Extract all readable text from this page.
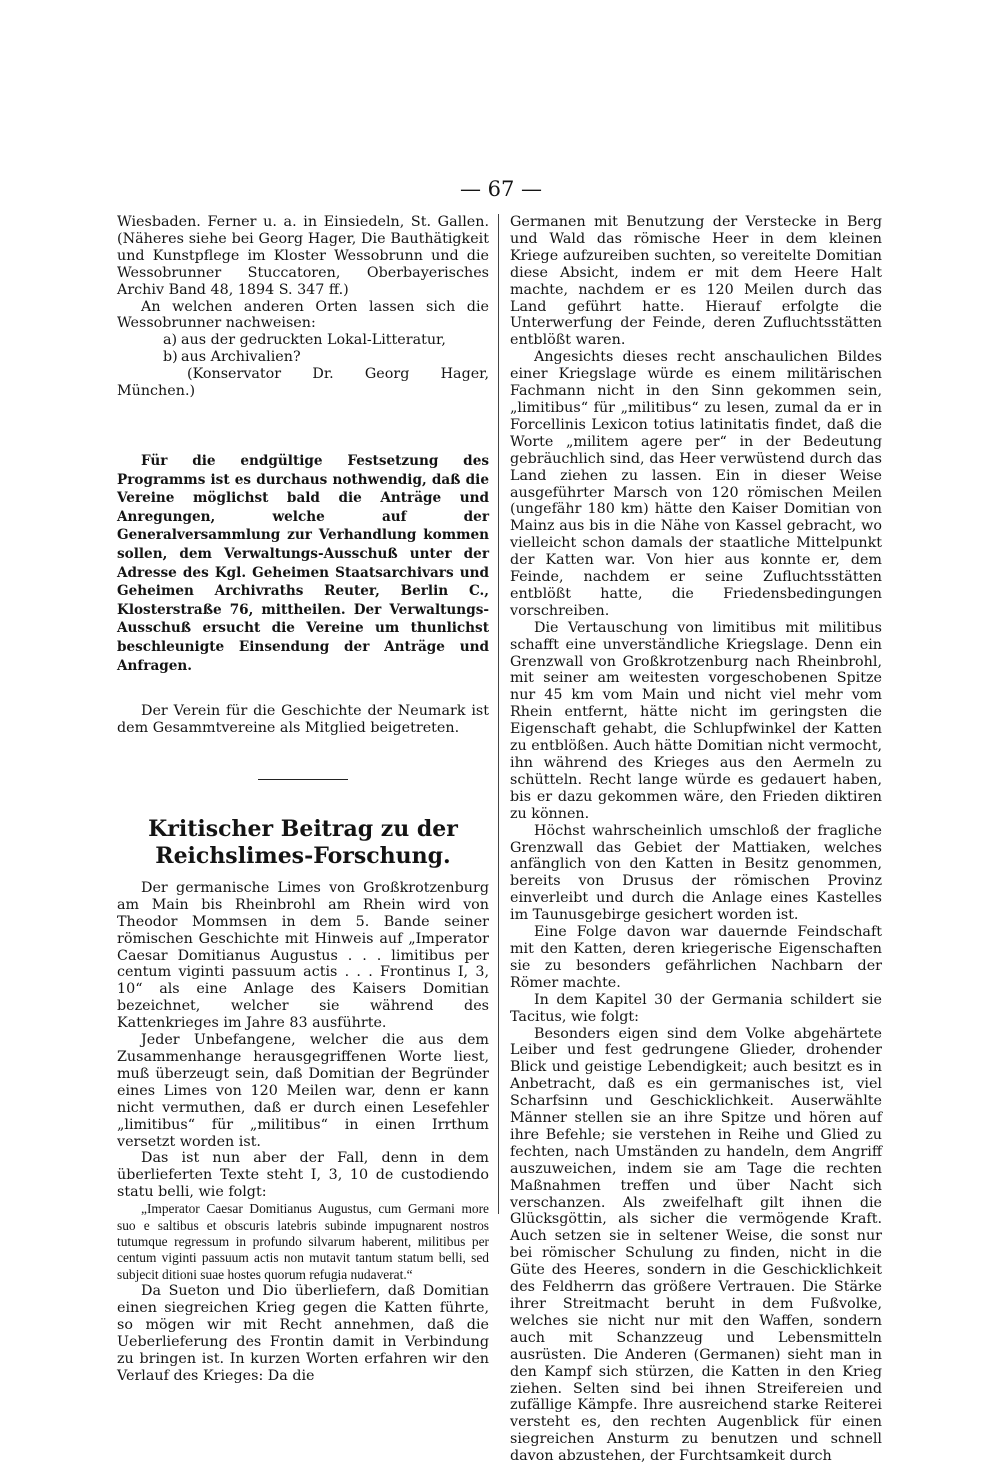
— 67 —

Wiesbaden. Ferner u. a. in Einsiedeln, St. Gallen. (Näheres siehe bei Georg Hager, Die Bauthätigkeit und Kunstpflege im Kloster Wessobrunn und die Wessobrunner Stuccatoren, Oberbayerisches Archiv Band 48, 1894 S. 347 ff.)

An welchen anderen Orten lassen sich die Wessobrunner nachweisen:

a) aus der gedruckten Lokal-Litteratur,

b) aus Archivalien?

(Konservator Dr. Georg Hager, München.)

Für die endgültige Festsetzung des Programms ist es durchaus nothwendig, daß die Vereine möglichst bald die Anträge und Anregungen, welche auf der Generalversammlung zur Verhandlung kommen sollen, dem Verwaltungs-Ausschuß unter der Adresse des Kgl. Geheimen Staatsarchivars und Geheimen Archivraths Reuter, Berlin C., Klosterstraße 76, mittheilen. Der Verwaltungs-Ausschuß ersucht die Vereine um thunlichst beschleunigte Einsendung der Anträge und Anfragen.

Der Verein für die Geschichte der Neumark ist dem Gesammtvereine als Mitglied beigetreten.

Kritischer Beitrag zu der Reichslimes-Forschung.

Der germanische Limes von Großkrotzenburg am Main bis Rheinbrohl am Rhein wird von Theodor Mommsen in dem 5. Bande seiner römischen Geschichte mit Hinweis auf „Imperator Caesar Domitianus Augustus . . . limitibus per centum viginti passuum actis . . . Frontinus I, 3, 10“ als eine Anlage des Kaisers Domitian bezeichnet, welcher sie während des Kattenkrieges im Jahre 83 ausführte.

Jeder Unbefangene, welcher die aus dem Zusammenhange herausgegriffenen Worte liest, muß überzeugt sein, daß Domitian der Begründer eines Limes von 120 Meilen war, denn er kann nicht vermuthen, daß er durch einen Lesefehler „limitibus“ für „militibus“ in einen Irrthum versetzt worden ist.

Das ist nun aber der Fall, denn in dem überlieferten Texte steht I, 3, 10 de custodiendo statu belli, wie folgt:

„Imperator Caesar Domitianus Augustus, cum Germani more suo e saltibus et obscuris latebris subinde impugnarent nostros tutumque regressum in profundo silvarum haberent, militibus per centum viginti passuum actis non mutavit tantum statum belli, sed subjecit ditioni suae hostes quorum refugia nudaverat.“

Da Sueton und Dio überliefern, daß Domitian einen siegreichen Krieg gegen die Katten führte, so mögen wir mit Recht annehmen, daß die Ueberlieferung des Frontin damit in Verbindung zu bringen ist. In kurzen Worten erfahren wir den Verlauf des Krieges: Da die

Germanen mit Benutzung der Verstecke in Berg und Wald das römische Heer in dem kleinen Kriege aufzureiben suchten, so vereitelte Domitian diese Absicht, indem er mit dem Heere Halt machte, nachdem er es 120 Meilen durch das Land geführt hatte. Hierauf erfolgte die Unterwerfung der Feinde, deren Zufluchtsstätten entblößt waren.

Angesichts dieses recht anschaulichen Bildes einer Kriegslage würde es einem militärischen Fachmann nicht in den Sinn gekommen sein, „limitibus“ für „militibus“ zu lesen, zumal da er in Forcellinis Lexicon totius latinitatis findet, daß die Worte „militem agere per“ in der Bedeutung gebräuchlich sind, das Heer verwüstend durch das Land ziehen zu lassen. Ein in dieser Weise ausgeführter Marsch von 120 römischen Meilen (ungefähr 180 km) hätte den Kaiser Domitian von Mainz aus bis in die Nähe von Kassel gebracht, wo vielleicht schon damals der staatliche Mittelpunkt der Katten war. Von hier aus konnte er, dem Feinde, nachdem er seine Zufluchtsstätten entblößt hatte, die Friedensbedingungen vorschreiben.

Die Vertauschung von limitibus mit militibus schafft eine unverständliche Kriegslage. Denn ein Grenzwall von Großkrotzenburg nach Rheinbrohl, mit seiner am weitesten vorgeschobenen Spitze nur 45 km vom Main und nicht viel mehr vom Rhein entfernt, hätte nicht im geringsten die Eigenschaft gehabt, die Schlupfwinkel der Katten zu entblößen. Auch hätte Domitian nicht vermocht, ihn während des Krieges aus den Aermeln zu schütteln. Recht lange würde es gedauert haben, bis er dazu gekommen wäre, den Frieden diktiren zu können.

Höchst wahrscheinlich umschloß der fragliche Grenzwall das Gebiet der Mattiaken, welches anfänglich von den Katten in Besitz genommen, bereits von Drusus der römischen Provinz einverleibt und durch die Anlage eines Kastelles im Taunusgebirge gesichert worden ist.

Eine Folge davon war dauernde Feindschaft mit den Katten, deren kriegerische Eigenschaften sie zu besonders gefährlichen Nachbarn der Römer machte.

In dem Kapitel 30 der Germania schildert sie Tacitus, wie folgt:

Besonders eigen sind dem Volke abgehärtete Leiber und fest gedrungene Glieder, drohender Blick und geistige Lebendigkeit; auch besitzt es in Anbetracht, daß es ein germanisches ist, viel Scharfsinn und Geschicklichkeit. Auserwählte Männer stellen sie an ihre Spitze und hören auf ihre Befehle; sie verstehen in Reihe und Glied zu fechten, nach Umständen zu handeln, dem Angriff auszuweichen, indem sie am Tage die rechten Maßnahmen treffen und über Nacht sich verschanzen. Als zweifelhaft gilt ihnen die Glücksgöttin, als sicher die vermögende Kraft. Auch setzen sie in seltener Weise, die sonst nur bei römischer Schulung zu finden, nicht in die Güte des Heeres, sondern in die Geschicklichkeit des Feldherrn das größere Vertrauen. Die Stärke ihrer Streitmacht beruht in dem Fußvolke, welches sie nicht nur mit den Waffen, sondern auch mit Schanzzeug und Lebensmitteln ausrüsten. Die Anderen (Germanen) sieht man in den Kampf sich stürzen, die Katten in den Krieg ziehen. Selten sind bei ihnen Streifereien und zufällige Kämpfe. Ihre ausreichend starke Reiterei versteht es, den rechten Augenblick für einen siegreichen Ansturm zu benutzen und schnell davon abzustehen, der Furchtsamkeit durch
